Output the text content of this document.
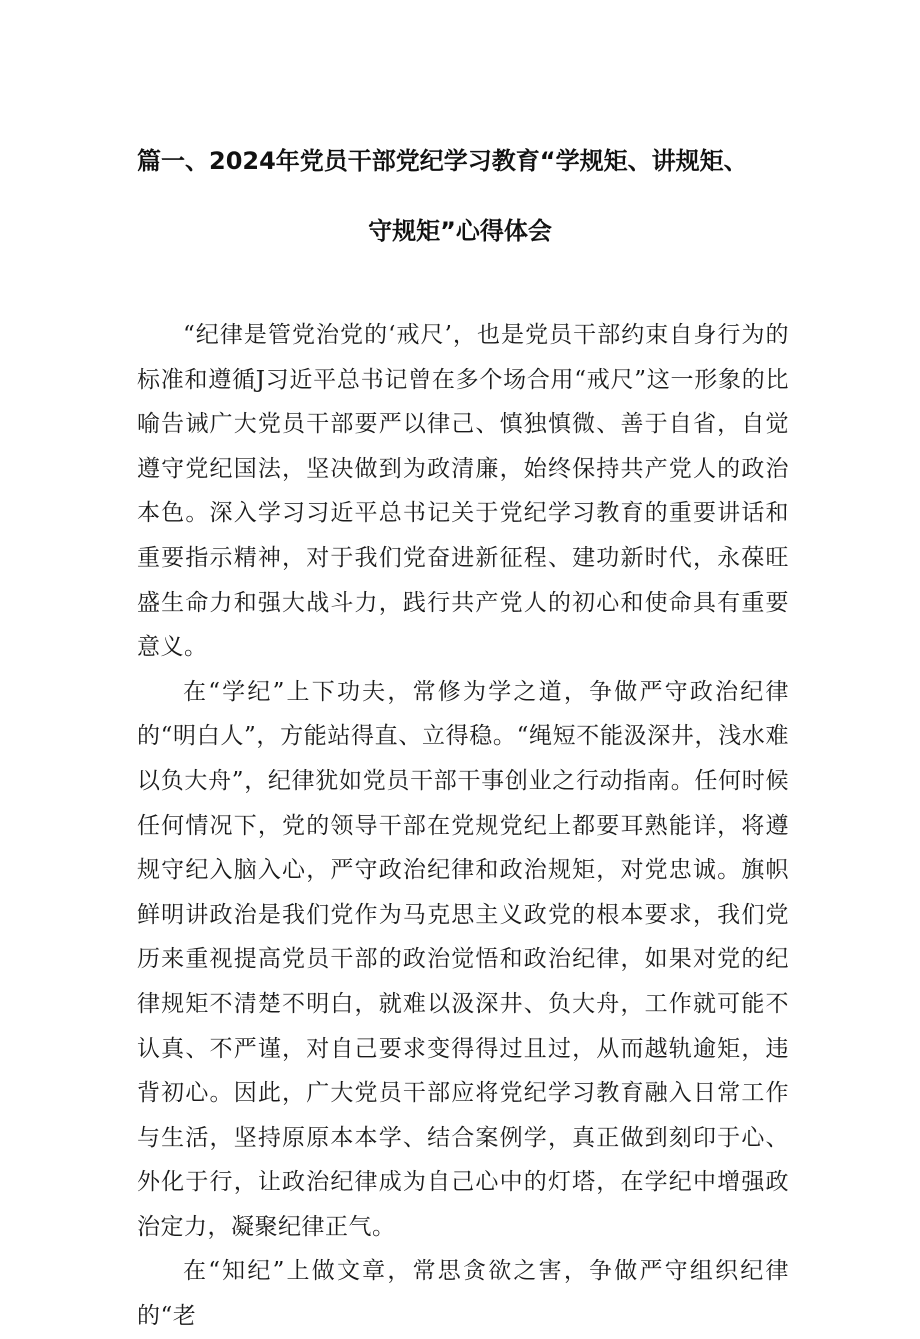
篇一、2024年党员干部党纪学习教育“学规矩、讲规矩、
守规矩”心得体会

“纪律是管党治党的‘戒尺’，也是党员干部约束自身行为的标准和遵循J习近平总书记曾在多个场合用“戒尺”这一形象的比喻告诫广大党员干部要严以律己、慎独慎微、善于自省，自觉遵守党纪国法，坚决做到为政清廉，始终保持共产党人的政治本色。深入学习习近平总书记关于党纪学习教育的重要讲话和重要指示精神，对于我们党奋进新征程、建功新时代，永葆旺盛生命力和强大战斗力，践行共产党人的初心和使命具有重要意义。

在“学纪”上下功夫，常修为学之道，争做严守政治纪律的“明白人”，方能站得直、立得稳。“绳短不能汲深井，浅水难以负大舟”，纪律犹如党员干部干事创业之行动指南。任何时候任何情况下，党的领导干部在党规党纪上都要耳熟能详，将遵规守纪入脑入心，严守政治纪律和政治规矩，对党忠诚。旗帜鲜明讲政治是我们党作为马克思主义政党的根本要求，我们党历来重视提高党员干部的政治觉悟和政治纪律，如果对党的纪律规矩不清楚不明白，就难以汲深井、负大舟，工作就可能不认真、不严谨，对自己要求变得得过且过，从而越轨逾矩，违背初心。因此，广大党员干部应将党纪学习教育融入日常工作与生活，坚持原原本本学、结合案例学，真正做到刻印于心、外化于行，让政治纪律成为自己心中的灯塔，在学纪中增强政治定力，凝聚纪律正气。

在“知纪”上做文章，常思贪欲之害，争做严守组织纪律的“老
